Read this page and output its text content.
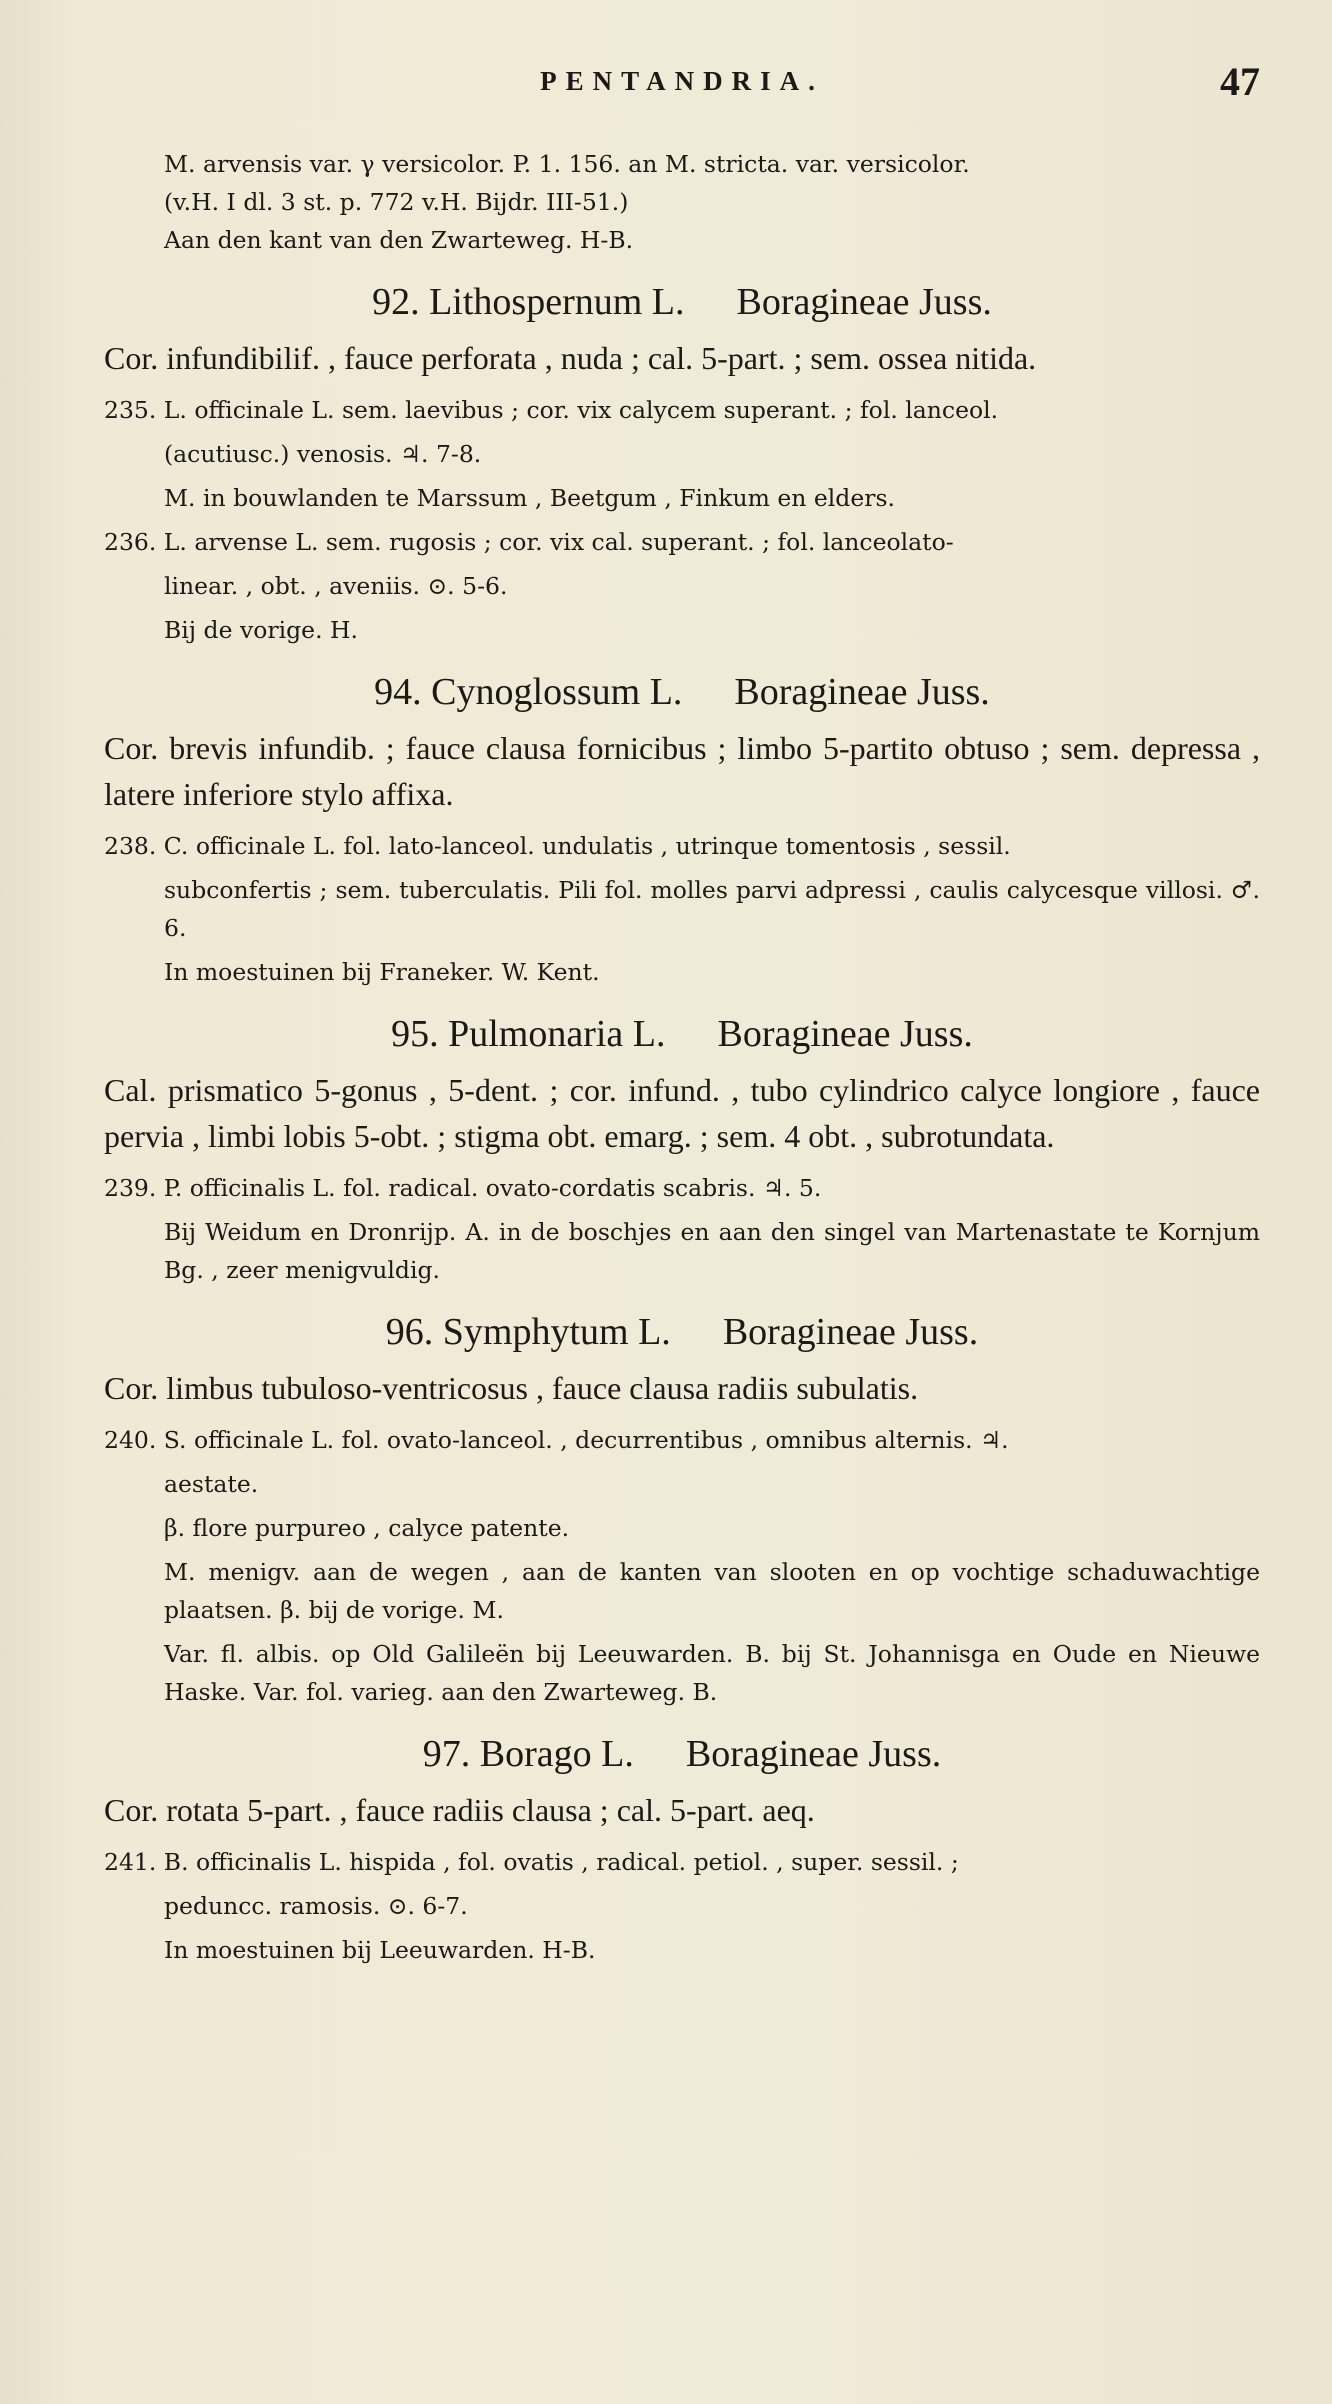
PENTANDRIA.	47

M. arvensis var. γ versicolor. P. 1. 156. an M. stricta. var. versicolor.

(v.H. I dl. 3 st. p. 772 v.H. Bijdr. III-51.)

Aan den kant van den Zwarteweg. H-B.

92. Lithospernum L. Boragineae Juss.

Cor. infundibilif. , fauce perforata , nuda ; cal. 5-part. ; sem. ossea nitida.

235. L. officinale L. sem. laevibus ; cor. vix calycem superant. ; fol. lanceol.

(acutiusc.) venosis. ♃. 7-8.

M. in bouwlanden te Marssum , Beetgum , Finkum en elders.

236. L. arvense L. sem. rugosis ; cor. vix cal. superant. ; fol. lanceolato-

linear. , obt. , aveniis. ⊙. 5-6.

Bij de vorige. H.

94. Cynoglossum L. Boragineae Juss.

Cor. brevis infundib. ; fauce clausa fornicibus ; limbo 5-partito obtuso ; sem. depressa , latere inferiore stylo affixa.

238. C. officinale L. fol. lato-lanceol. undulatis , utrinque tomentosis , sessil.

subconfertis ; sem. tuberculatis. Pili fol. molles parvi adpressi , caulis calycesque villosi. ♂. 6.

In moestuinen bij Franeker. W. Kent.

95. Pulmonaria L. Boragineae Juss.

Cal. prismatico 5-gonus , 5-dent. ; cor. infund. , tubo cylindrico calyce longiore , fauce pervia , limbi lobis 5-obt. ; stigma obt. emarg. ; sem. 4 obt. , subrotundata.

239. P. officinalis L. fol. radical. ovato-cordatis scabris. ♃. 5.

Bij Weidum en Dronrijp. A. in de boschjes en aan den singel van Martenastate te Kornjum Bg. , zeer menigvuldig.

96. Symphytum L. Boragineae Juss.

Cor. limbus tubuloso-ventricosus , fauce clausa radiis subulatis.

240. S. officinale L. fol. ovato-lanceol. , decurrentibus , omnibus alternis. ♃.

aestate.

β. flore purpureo , calyce patente.

M. menigv. aan de wegen , aan de kanten van slooten en op vochtige schaduwachtige plaatsen. β. bij de vorige. M.

Var. fl. albis. op Old Galileën bij Leeuwarden. B. bij St. Johannisga en Oude en Nieuwe Haske. Var. fol. varieg. aan den Zwarteweg. B.

97. Borago L. Boragineae Juss.

Cor. rotata 5-part. , fauce radiis clausa ; cal. 5-part. aeq.

241. B. officinalis L. hispida , fol. ovatis , radical. petiol. , super. sessil. ;

peduncc. ramosis. ⊙. 6-7.

In moestuinen bij Leeuwarden. H-B.
